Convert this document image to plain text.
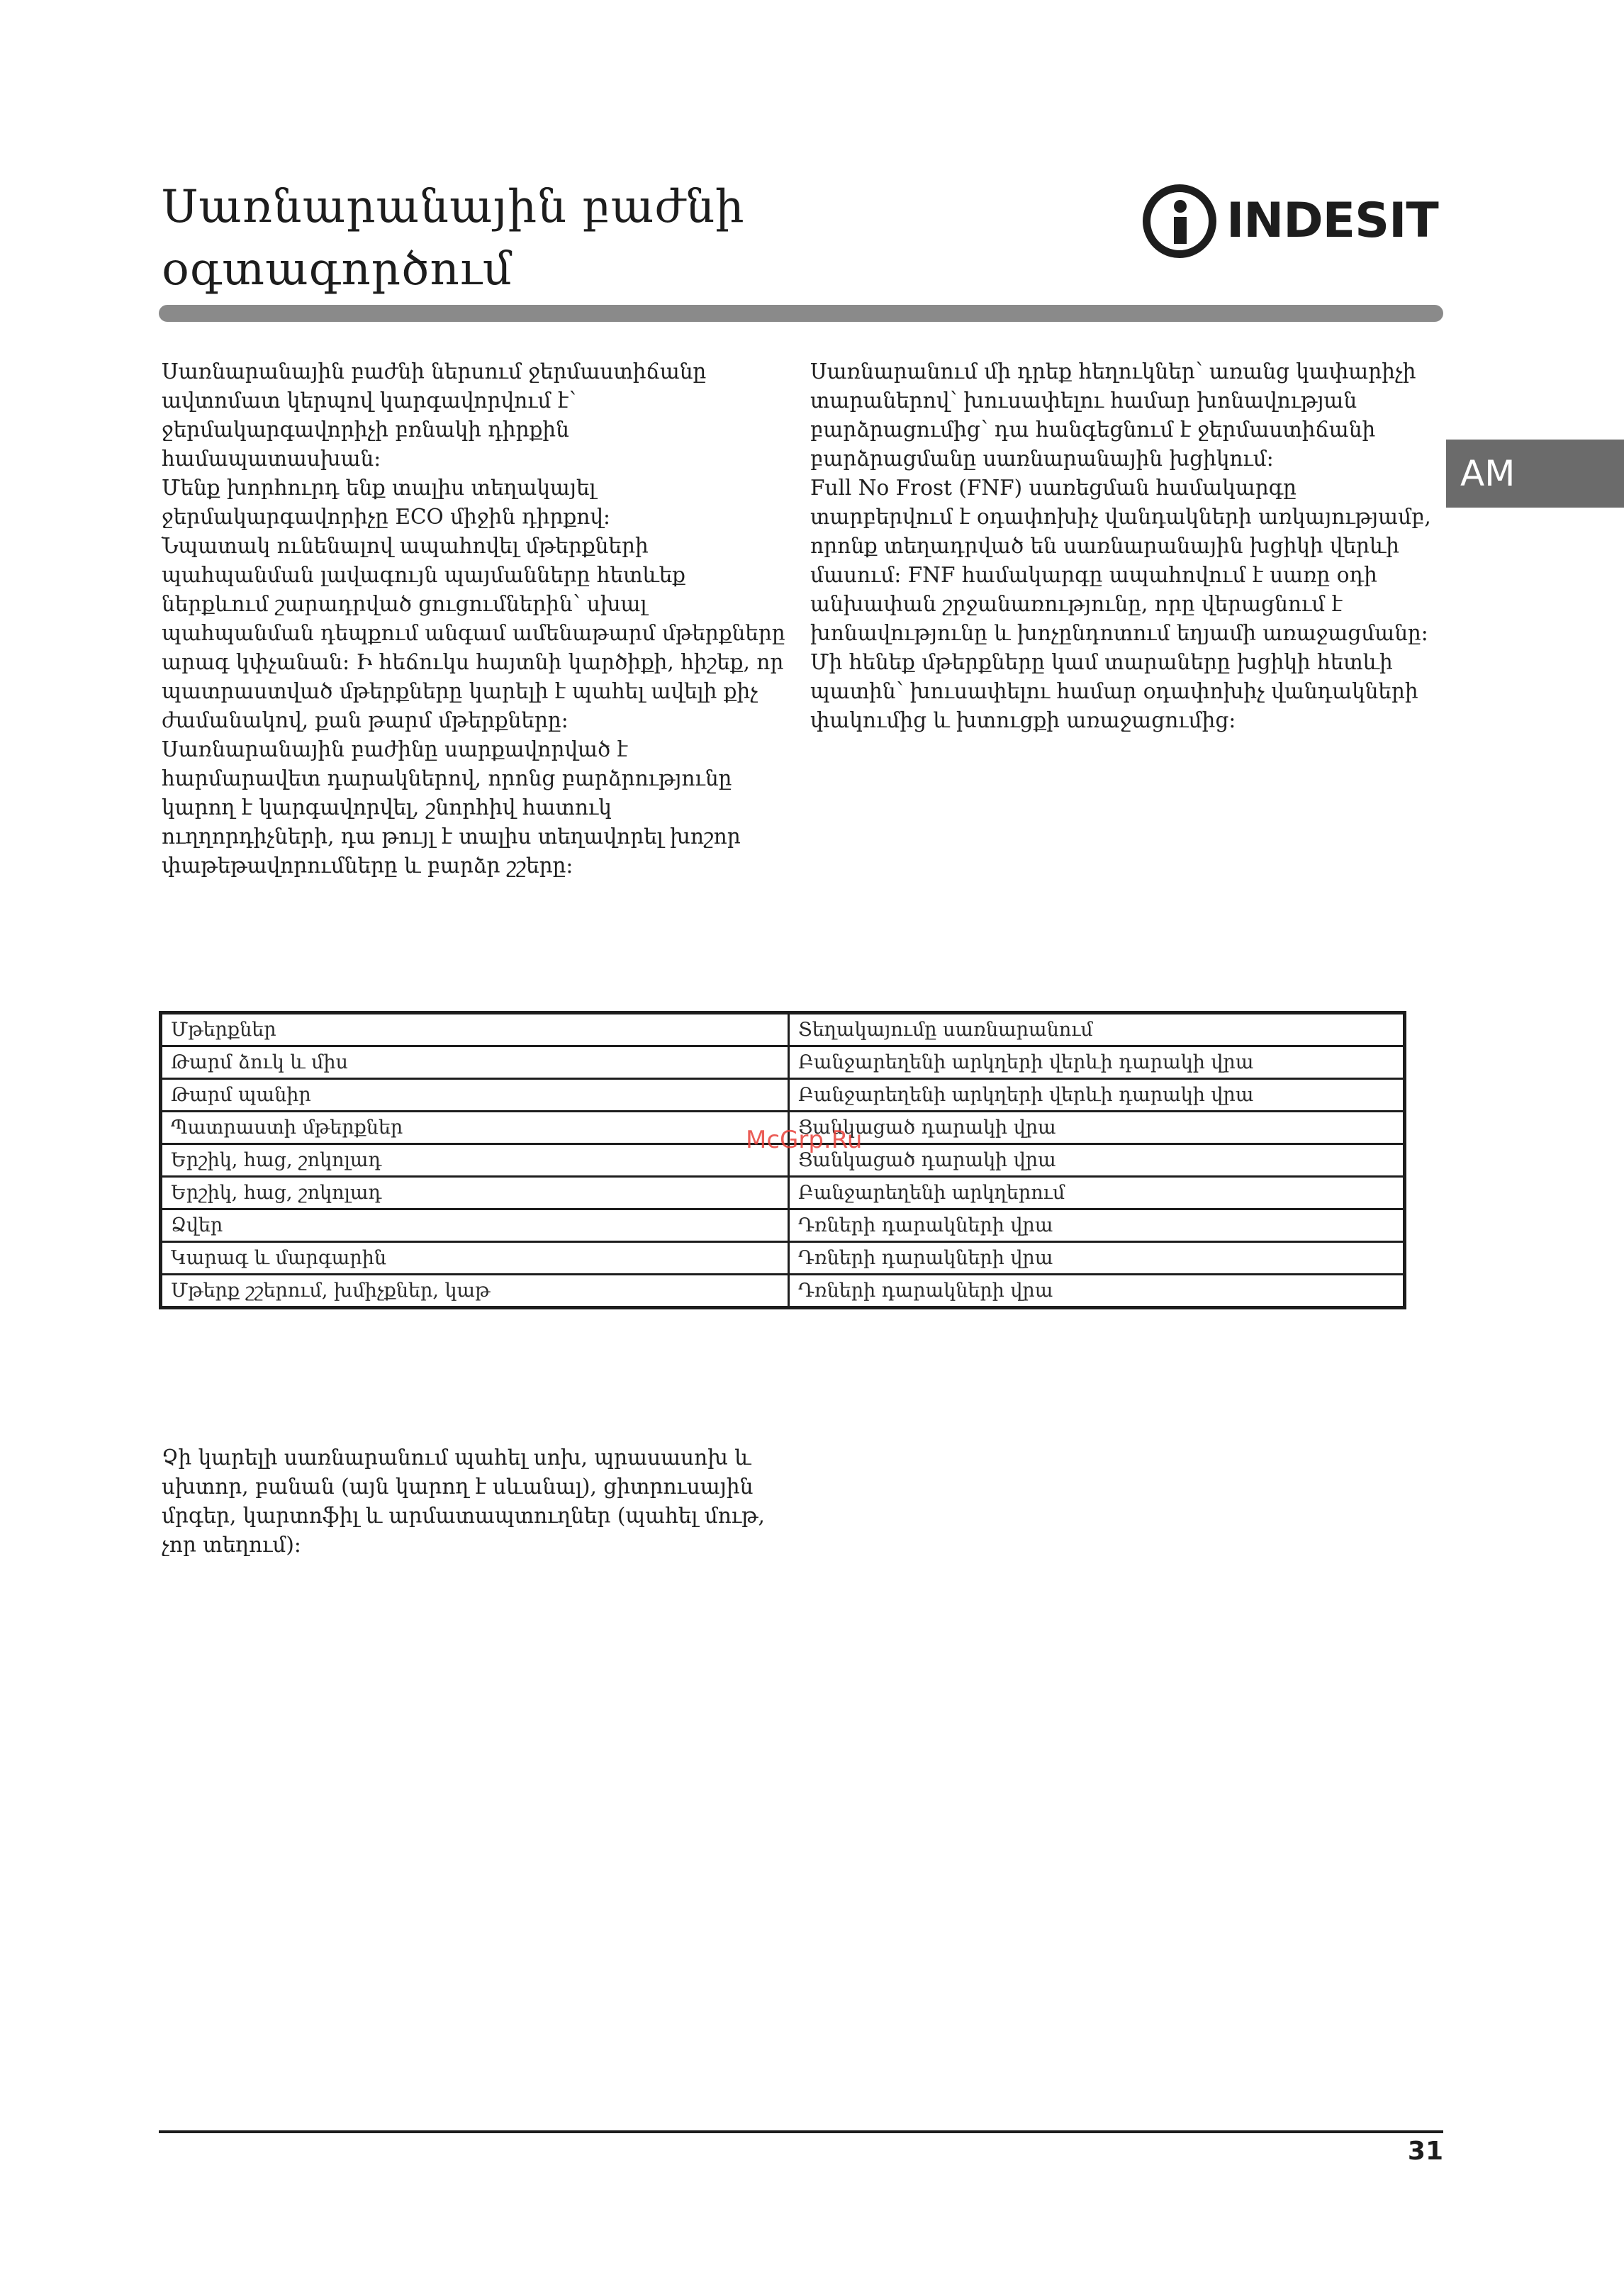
Սառնարանային բաժնի օգտագործում
INDESIT
AM

Սառնարանային բաժնի ներսում ջերմաստիճանը ավտոմատ կերպով կարգավորվում է՝ ջերմակարգավորիչի բռնակի դիրքին համապատասխան:

Մենք խորհուրդ ենք տալիս տեղակայել ջերմակարգավորիչը ECO միջին դիրքով:

Նպատակ ունենալով ապահովել մթերքների պահպանման լավագույն պայմանները հետևեք ներքևում շարադրված ցուցումներին՝ սխալ պահպանման դեպքում անգամ ամենաթարմ մթերքները արագ կփչանան: Ի հեճուկս հայտնի կարծիքի, հիշեք, որ պատրաստված մթերքները կարելի է պահել ավելի քիչ ժամանակով, քան թարմ մթերքները:

Սառնարանային բաժինը սարքավորված է հարմարավետ դարակներով, որոնց բարձրությունը կարող է կարգավորվել, շնորհիվ հատուկ ուղղորդիչների, դա թույլ է տալիս տեղավորել խոշոր փաթեթավորումները և բարձր շշերը:

Սառնարանում մի դրեք հեղուկներ՝ առանց կափարիչի տարաներով՝ խուսափելու համար խոնավության բարձրացումից՝ դա հանգեցնում է ջերմաստիճանի բարձրացմանը սառնարանային խցիկում:

Full No Frost (FNF) սառեցման համակարգը տարբերվում է օդափոխիչ վանդակների առկայությամբ, որոնք տեղադրված են սառնարանային խցիկի վերևի մասում: FNF համակարգը ապահովում է սառը օդի անխափան շրջանառությունը, որը վերացնում է խոնավությունը և խոչընդոտում եղյամի առաջացմանը: Մի հենեք մթերքները կամ տարաները խցիկի հետևի պատին՝ խուսափելու համար օդափոխիչ վանդակների փակումից և խտուցքի առաջացումից:

Մթերքներ	Տեղակայումը սառնարանում
Թարմ ձուկ և միս	Բանջարեղենի արկղերի վերևի դարակի վրա
Թարմ պանիր	Բանջարեղենի արկղերի վերևի դարակի վրա
Պատրաստի մթերքներ	Ցանկացած դարակի վրա
Երշիկ, հաց, շոկոլադ	Ցանկացած դարակի վրա
Երշիկ, հաց, շոկոլադ	Բանջարեղենի արկղերում
Ձվեր	Դռների դարակների վրա
Կարագ և մարգարին	Դռների դարակների վրա
Մթերք շշերում, խմիչքներ, կաթ	Դռների դարակների վրա
McGrp.Ru

Չի կարելի սառնարանում պահել սոխ, պրասասոխ և սխտոր, բանան (այն կարող է սևանալ), ցիտրուսային մրգեր, կարտոֆիլ և արմատապտուղներ (պահել մութ, չոր տեղում):

31
